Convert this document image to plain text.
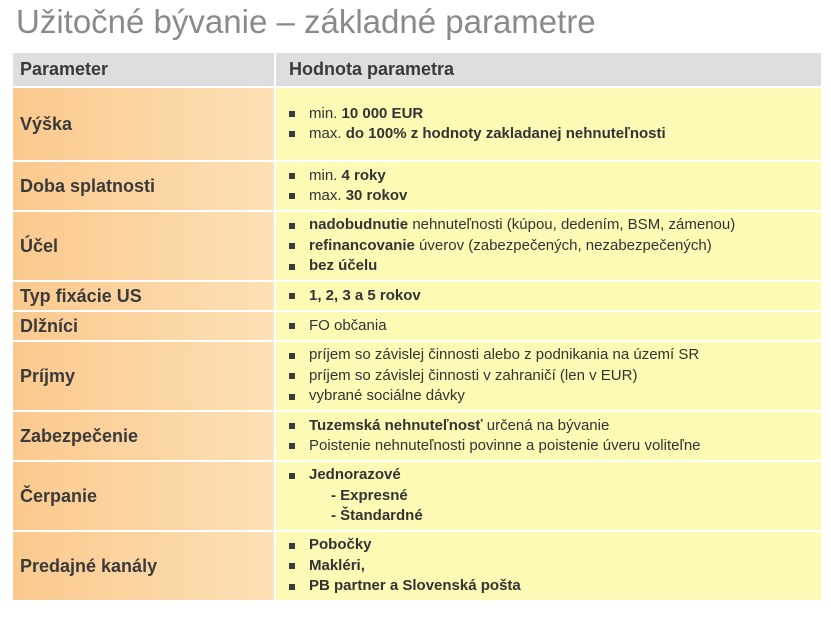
Užitočné bývanie – základné parametre
Parameter	Hodnota parametra
Výška	min. 10 000 EUR
max. do 100% z hodnoty zakladanej nehnuteľnosti

Doba splatnosti	min. 4 roky
max. 30 rokov

Účel	nadobudnutie nehnuteľnosti (kúpou, dedením, BSM, zámenou)
refinancovanie úverov (zabezpečených, nezabezpečených)
bez účelu

Typ fixácie US	1, 2, 3 a 5 rokov

Dlžníci	FO občania

Príjmy	príjem so závislej činnosti alebo z podnikania na území SR
príjem so závislej činnosti v zahraničí (len v EUR)
vybrané sociálne dávky

Zabezpečenie	Tuzemská nehnuteľnosť určená na bývanie
Poistenie nehnuteľnosti povinne a poistenie úveru voliteľne

Čerpanie	Jednorazové
- Expresné
- Štandardné

Predajné kanály	Pobočky
Makléri,
PB partner a Slovenská pošta
